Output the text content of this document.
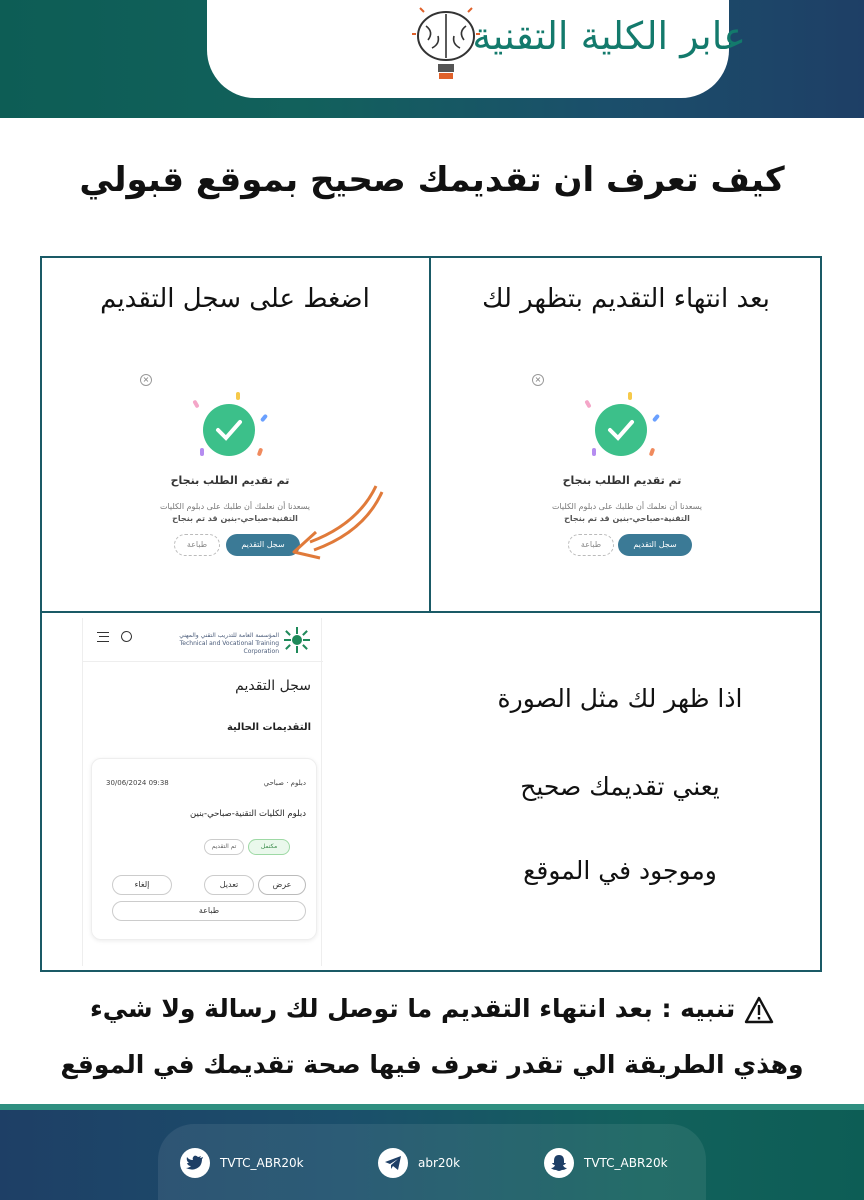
عابر الكلية التقنية
كيف تعرف ان تقديمك صحيح بموقع قبولي
بعد انتهاء التقديم بتظهر لك
اضغط على سجل التقديم
×
تم تقديم الطلب بنجاح
يسعدنا أن نعلمك أن طلبك على دبلوم الكليات
التقنية-صباحي-بنين قد تم بنجاح
طباعة	سجل التقديم
×
تم تقديم الطلب بنجاح
يسعدنا أن نعلمك أن طلبك على دبلوم الكليات
التقنية-صباحي-بنين قد تم بنجاح
طباعة	سجل التقديم
المؤسسة العامة للتدريب التقني والمهني Technical and Vocational Training Corporation
سجل التقديم
التقديمات الحالية
دبلوم · صباحي
30/06/2024 09:38
دبلوم الكليات التقنية-صباحي-بنين
مكتمل
تم التقديم
عرض
تعديل
إلغاء
طباعة
اذا ظهر لك مثل الصورة
يعني تقديمك صحيح
وموجود في الموقع
تنبيه : بعد انتهاء التقديم ما توصل لك رسالة ولا شيء
وهذي الطريقة الي تقدر تعرف فيها صحة تقديمك في الموقع
TVTC_ABR20k	abr20k	TVTC_ABR20k
